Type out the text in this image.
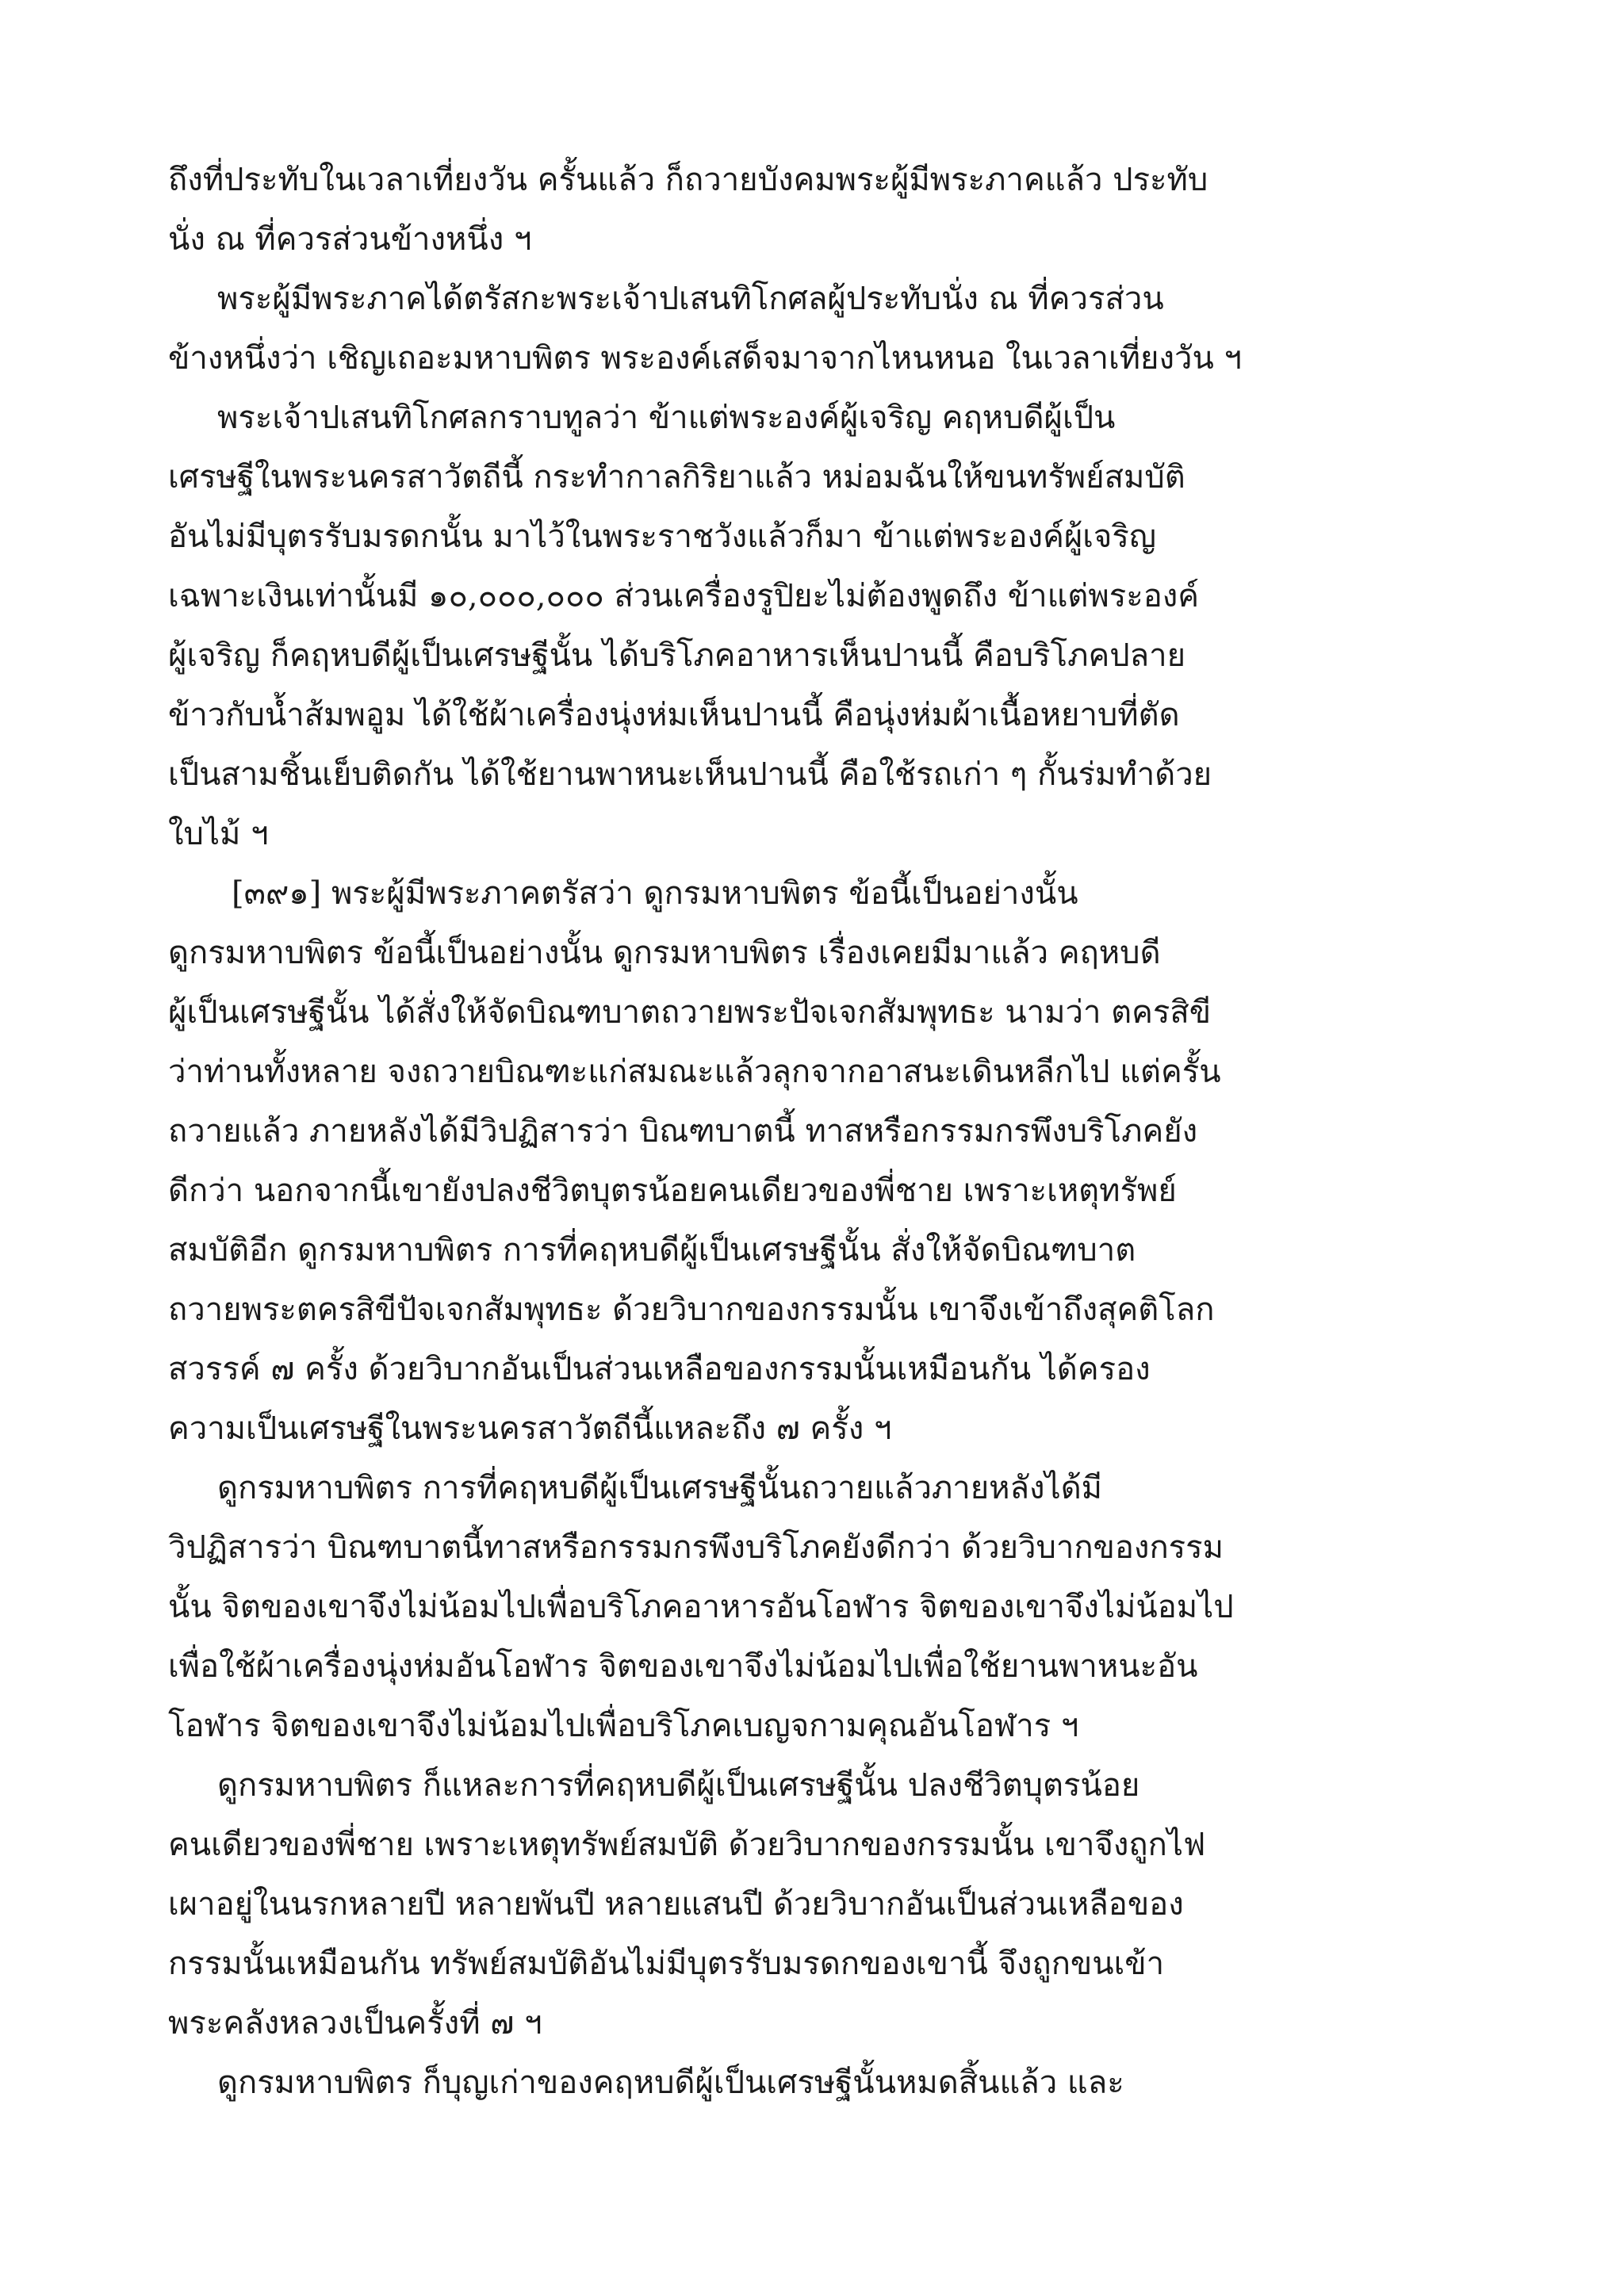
ถึงที่ประทับในเวลาเที่ยงวัน ครั้นแล้ว ก็ถวายบังคมพระผู้มีพระภาคแล้ว ประทับ
นั่ง ณ ที่ควรส่วนข้างหนึ่ง ฯ
พระผู้มีพระภาคได้ตรัสกะพระเจ้าปเสนทิโกศลผู้ประทับนั่ง ณ ที่ควรส่วน
ข้างหนึ่งว่า เชิญเถอะมหาบพิตร พระองค์เสด็จมาจากไหนหนอ ในเวลาเที่ยงวัน ฯ
พระเจ้าปเสนทิโกศลกราบทูลว่า ข้าแต่พระองค์ผู้เจริญ คฤหบดีผู้เป็น
เศรษฐีในพระนครสาวัตถีนี้ กระทำกาลกิริยาแล้ว หม่อมฉันให้ขนทรัพย์สมบัติ
อันไม่มีบุตรรับมรดกนั้น มาไว้ในพระราชวังแล้วก็มา ข้าแต่พระองค์ผู้เจริญ
เฉพาะเงินเท่านั้นมี ๑๐,๐๐๐,๐๐๐ ส่วนเครื่องรูปิยะไม่ต้องพูดถึง ข้าแต่พระองค์
ผู้เจริญ ก็คฤหบดีผู้เป็นเศรษฐีนั้น ได้บริโภคอาหารเห็นปานนี้ คือบริโภคปลาย
ข้าวกับน้ำส้มพอูม ได้ใช้ผ้าเครื่องนุ่งห่มเห็นปานนี้ คือนุ่งห่มผ้าเนื้อหยาบที่ตัด
เป็นสามชิ้นเย็บติดกัน ได้ใช้ยานพาหนะเห็นปานนี้ คือใช้รถเก่า ๆ กั้นร่มทำด้วย
ใบไม้ ฯ
[๓๙๑] พระผู้มีพระภาคตรัสว่า ดูกรมหาบพิตร ข้อนี้เป็นอย่างนั้น
ดูกรมหาบพิตร ข้อนี้เป็นอย่างนั้น ดูกรมหาบพิตร เรื่องเคยมีมาแล้ว คฤหบดี
ผู้เป็นเศรษฐีนั้น ได้สั่งให้จัดบิณฑบาตถวายพระปัจเจกสัมพุทธะ นามว่า ตครสิขี
ว่าท่านทั้งหลาย จงถวายบิณฑะแก่สมณะแล้วลุกจากอาสนะเดินหลีกไป แต่ครั้น
ถวายแล้ว ภายหลังได้มีวิปฏิสารว่า บิณฑบาตนี้ ทาสหรือกรรมกรพึงบริโภคยัง
ดีกว่า นอกจากนี้เขายังปลงชีวิตบุตรน้อยคนเดียวของพี่ชาย เพราะเหตุทรัพย์
สมบัติอีก ดูกรมหาบพิตร การที่คฤหบดีผู้เป็นเศรษฐีนั้น สั่งให้จัดบิณฑบาต
ถวายพระตครสิขีปัจเจกสัมพุทธะ ด้วยวิบากของกรรมนั้น เขาจึงเข้าถึงสุคติโลก
สวรรค์ ๗ ครั้ง ด้วยวิบากอันเป็นส่วนเหลือของกรรมนั้นเหมือนกัน ได้ครอง
ความเป็นเศรษฐีในพระนครสาวัตถีนี้แหละถึง ๗ ครั้ง ฯ
ดูกรมหาบพิตร การที่คฤหบดีผู้เป็นเศรษฐีนั้นถวายแล้วภายหลังได้มี
วิปฏิสารว่า บิณฑบาตนี้ทาสหรือกรรมกรพึงบริโภคยังดีกว่า ด้วยวิบากของกรรม
นั้น จิตของเขาจึงไม่น้อมไปเพื่อบริโภคอาหารอันโอฬาร จิตของเขาจึงไม่น้อมไป
เพื่อใช้ผ้าเครื่องนุ่งห่มอันโอฬาร จิตของเขาจึงไม่น้อมไปเพื่อใช้ยานพาหนะอัน
โอฬาร จิตของเขาจึงไม่น้อมไปเพื่อบริโภคเบญจกามคุณอันโอฬาร ฯ
ดูกรมหาบพิตร ก็แหละการที่คฤหบดีผู้เป็นเศรษฐีนั้น ปลงชีวิตบุตรน้อย
คนเดียวของพี่ชาย เพราะเหตุทรัพย์สมบัติ ด้วยวิบากของกรรมนั้น เขาจึงถูกไฟ
เผาอยู่ในนรกหลายปี หลายพันปี หลายแสนปี ด้วยวิบากอันเป็นส่วนเหลือของ
กรรมนั้นเหมือนกัน ทรัพย์สมบัติอันไม่มีบุตรรับมรดกของเขานี้ จึงถูกขนเข้า
พระคลังหลวงเป็นครั้งที่ ๗ ฯ
ดูกรมหาบพิตร ก็บุญเก่าของคฤหบดีผู้เป็นเศรษฐีนั้นหมดสิ้นแล้ว และ
